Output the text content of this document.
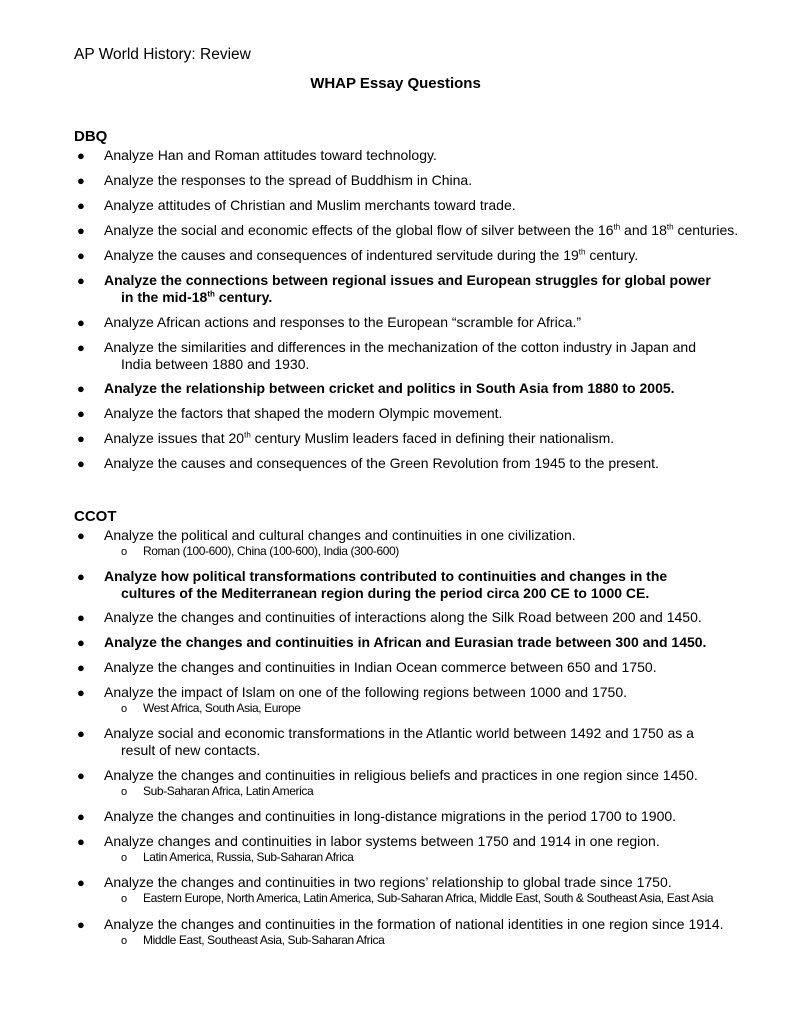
AP World History: Review
WHAP Essay Questions
DBQ
● Analyze Han and Roman attitudes toward technology.
● Analyze the responses to the spread of Buddhism in China.
● Analyze attitudes of Christian and Muslim merchants toward trade.
● Analyze the social and economic effects of the global flow of silver between the 16th and 18th centuries.
● Analyze the causes and consequences of indentured servitude during the 19th century.
● Analyze the connections between regional issues and European struggles for global power
in the mid-18th century.
● Analyze African actions and responses to the European “scramble for Africa.”
● Analyze the similarities and differences in the mechanization of the cotton industry in Japan and
India between 1880 and 1930.
● Analyze the relationship between cricket and politics in South Asia from 1880 to 2005.
● Analyze the factors that shaped the modern Olympic movement.
● Analyze issues that 20th century Muslim leaders faced in defining their nationalism.
● Analyze the causes and consequences of the Green Revolution from 1945 to the present.
CCOT
● Analyze the political and cultural changes and continuities in one civilization.
o Roman (100-600), China (100-600), India (300-600)
● Analyze how political transformations contributed to continuities and changes in the
cultures of the Mediterranean region during the period circa 200 CE to 1000 CE.
● Analyze the changes and continuities of interactions along the Silk Road between 200 and 1450.
● Analyze the changes and continuities in African and Eurasian trade between 300 and 1450.
● Analyze the changes and continuities in Indian Ocean commerce between 650 and 1750.
● Analyze the impact of Islam on one of the following regions between 1000 and 1750.
o West Africa, South Asia, Europe
● Analyze social and economic transformations in the Atlantic world between 1492 and 1750 as a
result of new contacts.
● Analyze the changes and continuities in religious beliefs and practices in one region since 1450.
o Sub-Saharan Africa, Latin America
● Analyze the changes and continuities in long-distance migrations in the period 1700 to 1900.
● Analyze changes and continuities in labor systems between 1750 and 1914 in one region.
o Latin America, Russia, Sub-Saharan Africa
● Analyze the changes and continuities in two regions’ relationship to global trade since 1750.
o Eastern Europe, North America, Latin America, Sub-Saharan Africa, Middle East, South & Southeast Asia, East Asia
● Analyze the changes and continuities in the formation of national identities in one region since 1914.
o Middle East, Southeast Asia, Sub-Saharan Africa
